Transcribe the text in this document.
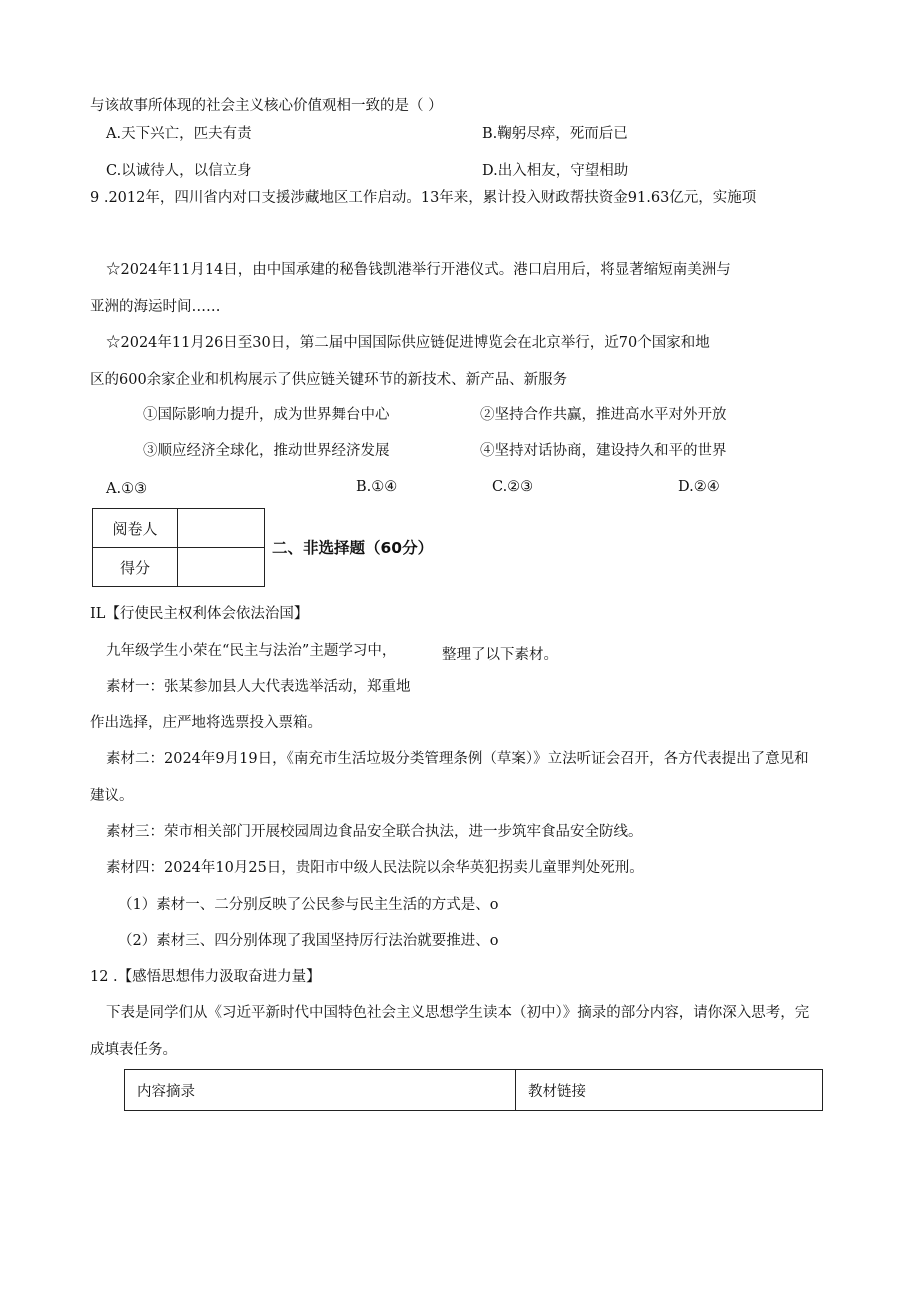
与该故事所体现的社会主义核心价值观相一致的是（ ）
A.天下兴亡，匹夫有责	B.鞠躬尽瘁，死而后已
C.以诚待人，以信立身	D.出入相友，守望相助
9 .2012年，四川省内对口支援涉藏地区工作启动。13年来，累计投入财政帮扶资金91.63亿元，实施项
☆2024年11月14日，由中国承建的秘鲁钱凯港举行开港仪式。港口启用后，将显著缩短南美洲与
亚洲的海运时间……
☆2024年11月26日至30日，第二届中国国际供应链促进博览会在北京举行，近70个国家和地
区的600余家企业和机构展示了供应链关键环节的新技术、新产品、新服务
①国际影响力提升，成为世界舞台中心	②坚持合作共赢，推进高水平对外开放
③顺应经济全球化，推动世界经济发展	④坚持对话协商，建设持久和平的世界
A.①③	B.①④	C.②③	D.②④
阅卷人	
得分	
二、非选择题（60分）
IL【行使民主权利体会依法治国】
九年级学生小荣在“民主与法治”主题学习中，	整理了以下素材。
素材一：张某参加县人大代表选举活动，郑重地
作出选择，庄严地将选票投入票箱。
素材二：2024年9月19日，《南充市生活垃圾分类管理条例（草案）》立法听证会召开，各方代表提出了意见和
建议。
素材三：荣市相关部门开展校园周边食品安全联合执法，进一步筑牢食品安全防线。
素材四：2024年10月25日，贵阳市中级人民法院以余华英犯拐卖儿童罪判处死刑。
（1）素材一、二分别反映了公民参与民主生活的方式是、o
（2）素材三、四分别体现了我国坚持厉行法治就要推进、o
12 .【感悟思想伟力汲取奋进力量】
下表是同学们从《习近平新时代中国特色社会主义思想学生读本（初中）》摘录的部分内容，请你深入思考，完
成填表任务。
内容摘录	教材链接
